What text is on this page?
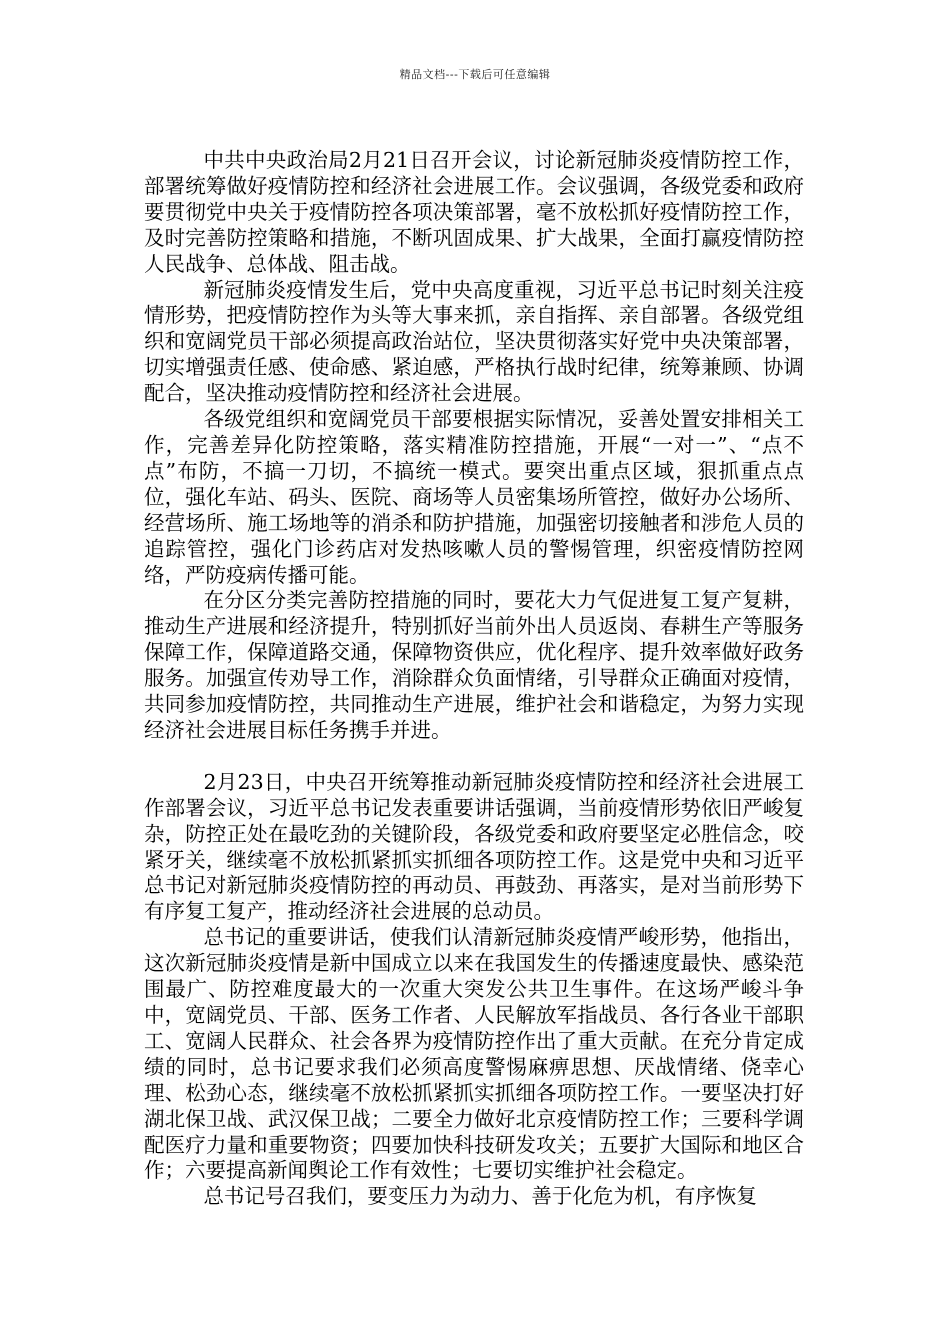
精品文档---下载后可任意编辑

中共中央政治局2月21日召开会议，讨论新冠肺炎疫情防控工作，部署统筹做好疫情防控和经济社会进展工作。会议强调，各级党委和政府要贯彻党中央关于疫情防控各项决策部署，毫不放松抓好疫情防控工作，及时完善防控策略和措施，不断巩固成果、扩大战果，全面打赢疫情防控人民战争、总体战、阻击战。

新冠肺炎疫情发生后，党中央高度重视，习近平总书记时刻关注疫情形势，把疫情防控作为头等大事来抓，亲自指挥、亲自部署。各级党组织和宽阔党员干部必须提高政治站位，坚决贯彻落实好党中央决策部署，切实增强责任感、使命感、紧迫感，严格执行战时纪律，统筹兼顾、协调配合，坚决推动疫情防控和经济社会进展。

各级党组织和宽阔党员干部要根据实际情况，妥善处置安排相关工作，完善差异化防控策略，落实精准防控措施，开展“一对一”、“点不点”布防，不搞一刀切，不搞统一模式。要突出重点区域，狠抓重点点位，强化车站、码头、医院、商场等人员密集场所管控，做好办公场所、经营场所、施工场地等的消杀和防护措施，加强密切接触者和涉危人员的追踪管控，强化门诊药店对发热咳嗽人员的警惕管理，织密疫情防控网络，严防疫病传播可能。

在分区分类完善防控措施的同时，要花大力气促进复工复产复耕，推动生产进展和经济提升，特别抓好当前外出人员返岗、春耕生产等服务保障工作，保障道路交通，保障物资供应，优化程序、提升效率做好政务服务。加强宣传劝导工作，消除群众负面情绪，引导群众正确面对疫情，共同参加疫情防控，共同推动生产进展，维护社会和谐稳定，为努力实现经济社会进展目标任务携手并进。

2月23日，中央召开统筹推动新冠肺炎疫情防控和经济社会进展工作部署会议，习近平总书记发表重要讲话强调，当前疫情形势依旧严峻复杂，防控正处在最吃劲的关键阶段，各级党委和政府要坚定必胜信念，咬紧牙关，继续毫不放松抓紧抓实抓细各项防控工作。这是党中央和习近平总书记对新冠肺炎疫情防控的再动员、再鼓劲、再落实，是对当前形势下有序复工复产，推动经济社会进展的总动员。

总书记的重要讲话，使我们认清新冠肺炎疫情严峻形势，他指出，这次新冠肺炎疫情是新中国成立以来在我国发生的传播速度最快、感染范围最广、防控难度最大的一次重大突发公共卫生事件。在这场严峻斗争中，宽阔党员、干部、医务工作者、人民解放军指战员、各行各业干部职工、宽阔人民群众、社会各界为疫情防控作出了重大贡献。在充分肯定成绩的同时，总书记要求我们必须高度警惕麻痹思想、厌战情绪、侥幸心理、松劲心态，继续毫不放松抓紧抓实抓细各项防控工作。一要坚决打好湖北保卫战、武汉保卫战；二要全力做好北京疫情防控工作；三要科学调配医疗力量和重要物资；四要加快科技研发攻关；五要扩大国际和地区合作；六要提高新闻舆论工作有效性；七要切实维护社会稳定。

总书记号召我们，要变压力为动力、善于化危为机，有序恢复
